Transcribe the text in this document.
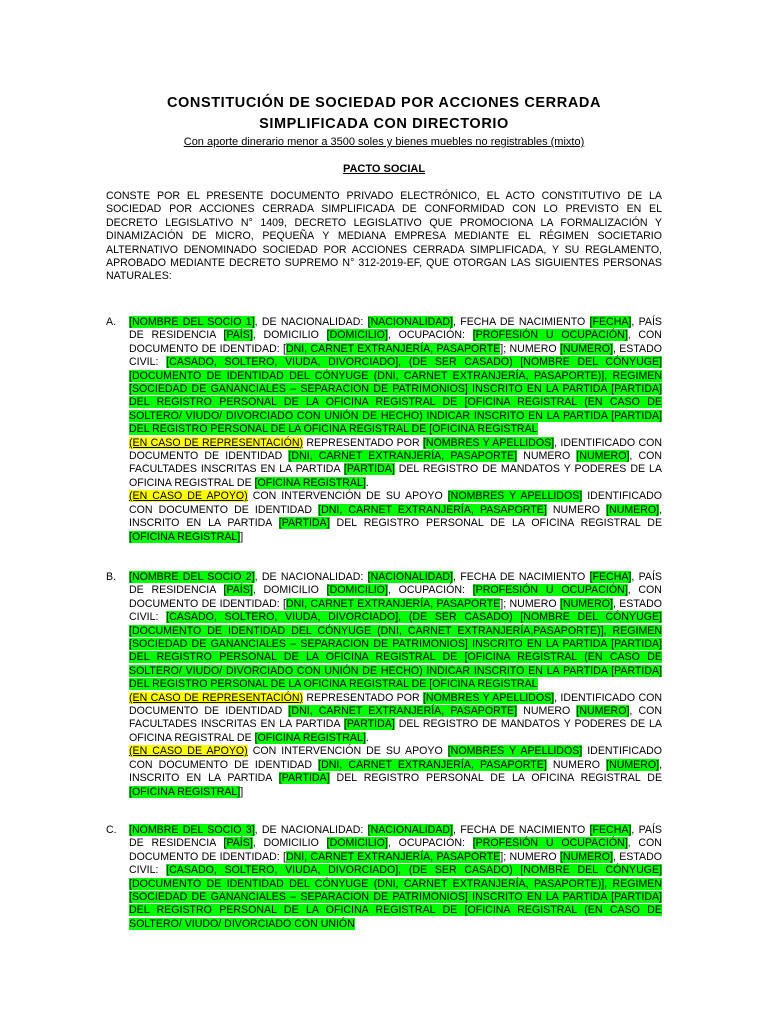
CONSTITUCIÓN DE SOCIEDAD POR ACCIONES CERRADA
SIMPLIFICADA CON DIRECTORIO
Con aporte dinerario menor a 3500 soles y bienes muebles no registrables (mixto)
PACTO SOCIAL
CONSTE POR EL PRESENTE DOCUMENTO PRIVADO ELECTRÓNICO, EL ACTO CONSTITUTIVO DE LA SOCIEDAD POR ACCIONES CERRADA SIMPLIFICADA DE CONFORMIDAD CON LO PREVISTO EN EL DECRETO LEGISLATIVO N° 1409, DECRETO LEGISLATIVO QUE PROMOCIONA LA FORMALIZACIÓN Y DINAMIZACIÓN DE MICRO, PEQUEÑA Y MEDIANA EMPRESA MEDIANTE EL RÉGIMEN SOCIETARIO ALTERNATIVO DENOMINADO SOCIEDAD POR ACCIONES CERRADA SIMPLIFICADA, Y SU REGLAMENTO, APROBADO MEDIANTE DECRETO SUPREMO N° 312-2019-EF, QUE OTORGAN LAS SIGUIENTES PERSONAS NATURALES:
A.	[NOMBRE DEL SOCIO 1], DE NACIONALIDAD: [NACIONALIDAD], FECHA DE NACIMIENTO [FECHA], PAÍS DE RESIDENCIA [PAÍS], DOMICILIO [DOMICILIO], OCUPACIÓN: [PROFESIÓN U OCUPACIÓN], CON DOCUMENTO DE IDENTIDAD: [DNI, CARNET EXTRANJERÍA, PASAPORTE]; NUMERO [NUMERO], ESTADO CIVIL: [CASADO, SOLTERO, VIUDA, DIVORCIADO], (DE SER CASADO) [NOMBRE DEL CÓNYUGE] [DOCUMENTO DE IDENTIDAD DEL CÓNYUGE (DNI, CARNET EXTRANJERÍA, PASAPORTE)], REGIMEN [SOCIEDAD DE GANANCIALES – SEPARACION DE PATRIMONIOS] INSCRITO EN LA PARTIDA [PARTIDA] DEL REGISTRO PERSONAL DE LA OFICINA REGISTRAL DE [OFICINA REGISTRAL (EN CASO DE SOLTERO/ VIUDO/ DIVORCIADO CON UNIÓN DE HECHO) INDICAR INSCRITO EN LA PARTIDA [PARTIDA] DEL REGISTRO PERSONAL DE LA OFICINA REGISTRAL DE [OFICINA REGISTRAL

(EN CASO DE REPRESENTACIÓN) REPRESENTADO POR [NOMBRES Y APELLIDOS], IDENTIFICADO CON DOCUMENTO DE IDENTIDAD [DNI, CARNET EXTRANJERÍA, PASAPORTE] NUMERO [NUMERO], CON FACULTADES INSCRITAS EN LA PARTIDA [PARTIDA] DEL REGISTRO DE MANDATOS Y PODERES DE LA OFICINA REGISTRAL DE [OFICINA REGISTRAL].

(EN CASO DE APOYO) CON INTERVENCIÓN DE SU APOYO [NOMBRES Y APELLIDOS] IDENTIFICADO CON DOCUMENTO DE IDENTIDAD [DNI, CARNET EXTRANJERÍA, PASAPORTE] NUMERO [NUMERO], INSCRITO EN LA PARTIDA [PARTIDA] DEL REGISTRO PERSONAL DE LA OFICINA REGISTRAL DE [OFICINA REGISTRAL]]

B.	[NOMBRE DEL SOCIO 2], DE NACIONALIDAD: [NACIONALIDAD], FECHA DE NACIMIENTO [FECHA], PAÍS DE RESIDENCIA [PAÍS], DOMICILIO [DOMICILIO], OCUPACIÓN: [PROFESIÓN U OCUPACIÓN], CON DOCUMENTO DE IDENTIDAD: [DNI, CARNET EXTRANJERÍA, PASAPORTE]; NUMERO [NUMERO], ESTADO CIVIL: [CASADO, SOLTERO, VIUDA, DIVORCIADO], (DE SER CASADO) [NOMBRE DEL CÓNYUGE] [DOCUMENTO DE IDENTIDAD DEL CÓNYUGE (DNI, CARNET EXTRANJERÍA,PASAPORTE)], REGIMEN [SOCIEDAD DE GANANCIALES – SEPARACION DE PATRIMONIOS] INSCRITO EN LA PARTIDA [PARTIDA] DEL REGISTRO PERSONAL DE LA OFICINA REGISTRAL DE [OFICINA REGISTRAL (EN CASO DE SOLTERO/ VIUDO/ DIVORCIADO CON UNIÓN DE HECHO) INDICAR INSCRITO EN LA PARTIDA [PARTIDA] DEL REGISTRO PERSONAL DE LA OFICINA REGISTRAL DE [OFICINA REGISTRAL

(EN CASO DE REPRESENTACIÓN) REPRESENTADO POR [NOMBRES Y APELLIDOS], IDENTIFICADO CON DOCUMENTO DE IDENTIDAD [DNI, CARNET EXTRANJERÍA, PASAPORTE] NUMERO [NUMERO], CON FACULTADES INSCRITAS EN LA PARTIDA [PARTIDA] DEL REGISTRO DE MANDATOS Y PODERES DE LA OFICINA REGISTRAL DE [OFICINA REGISTRAL].

(EN CASO DE APOYO) CON INTERVENCIÓN DE SU APOYO [NOMBRES Y APELLIDOS] IDENTIFICADO CON DOCUMENTO DE IDENTIDAD [DNI, CARNET EXTRANJERÍA, PASAPORTE] NUMERO [NUMERO], INSCRITO EN LA PARTIDA [PARTIDA] DEL REGISTRO PERSONAL DE LA OFICINA REGISTRAL DE [OFICINA REGISTRAL]]

C.	[NOMBRE DEL SOCIO 3], DE NACIONALIDAD: [NACIONALIDAD], FECHA DE NACIMIENTO [FECHA], PAÍS DE RESIDENCIA [PAÍS], DOMICILIO [DOMICILIO], OCUPACIÓN: [PROFESIÓN U OCUPACIÓN], CON DOCUMENTO DE IDENTIDAD: [DNI, CARNET EXTRANJERÍA, PASAPORTE]; NUMERO [NUMERO], ESTADO CIVIL: [CASADO, SOLTERO, VIUDA, DIVORCIADO], (DE SER CASADO) [NOMBRE DEL CÓNYUGE] [DOCUMENTO DE IDENTIDAD DEL CÓNYUGE (DNI, CARNET EXTRANJERÍA, PASAPORTE)], REGIMEN [SOCIEDAD DE GANANCIALES – SEPARACION DE PATRIMONIOS] INSCRITO EN LA PARTIDA [PARTIDA] DEL REGISTRO PERSONAL DE LA OFICINA REGISTRAL DE [OFICINA REGISTRAL (EN CASO DE SOLTERO/ VIUDO/ DIVORCIADO CON UNIÓN
